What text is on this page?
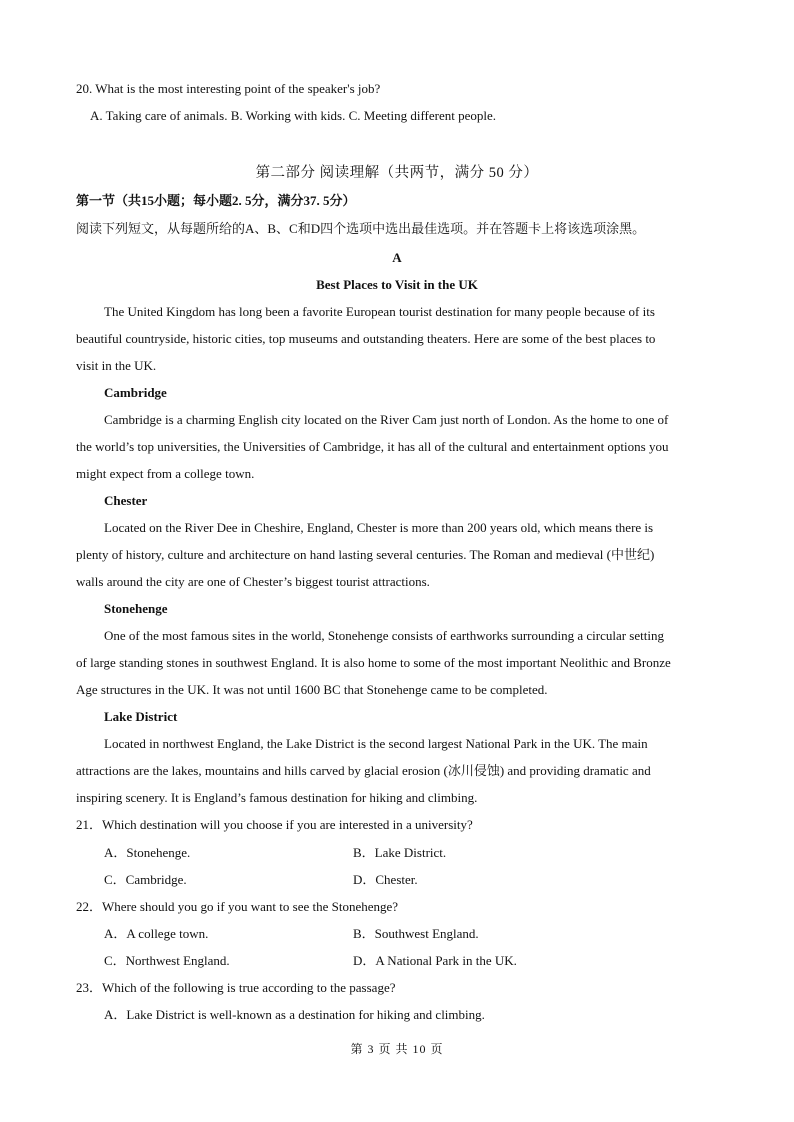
20. What is the most interesting point of the speaker's job?
A. Taking care of animals. B. Working with kids. C. Meeting different people.
第二部分 阅读理解（共两节，满分 50 分）
第一节（共15小题；每小题2. 5分，满分37. 5分）
阅读下列短文，从每题所给的A、B、C和D四个选项中选出最佳选项。并在答题卡上将该选项涂黑。
A
Best Places to Visit in the UK
The United Kingdom has long been a favorite European tourist destination for many people because of its
beautiful countryside, historic cities, top museums and outstanding theaters. Here are some of the best places to
visit in the UK.
Cambridge
Cambridge is a charming English city located on the River Cam just north of London. As the home to one of
the world’s top universities, the Universities of Cambridge, it has all of the cultural and entertainment options you
might expect from a college town.
Chester
Located on the River Dee in Cheshire, England, Chester is more than 200 years old, which means there is
plenty of history, culture and architecture on hand lasting several centuries. The Roman and medieval (中世纪)
walls around the city are one of Chester’s biggest tourist attractions.
Stonehenge
One of the most famous sites in the world, Stonehenge consists of earthworks surrounding a circular setting
of large standing stones in southwest England. It is also home to some of the most important Neolithic and Bronze
Age structures in the UK. It was not until 1600 BC that Stonehenge came to be completed.
Lake District
Located in northwest England, the Lake District is the second largest National Park in the UK. The main
attractions are the lakes, mountains and hills carved by glacial erosion (冰川侵蚀) and providing dramatic and
inspiring scenery. It is England’s famous destination for hiking and climbing.
21．Which destination will you choose if you are interested in a university?
A．Stonehenge.	B．Lake District.
C．Cambridge.	D．Chester.
22．Where should you go if you want to see the Stonehenge?
A．A college town.	B．Southwest England.
C．Northwest England.	D．A National Park in the UK.
23．Which of the following is true according to the passage?
A．Lake District is well-known as a destination for hiking and climbing.
第 3 页 共 10 页
